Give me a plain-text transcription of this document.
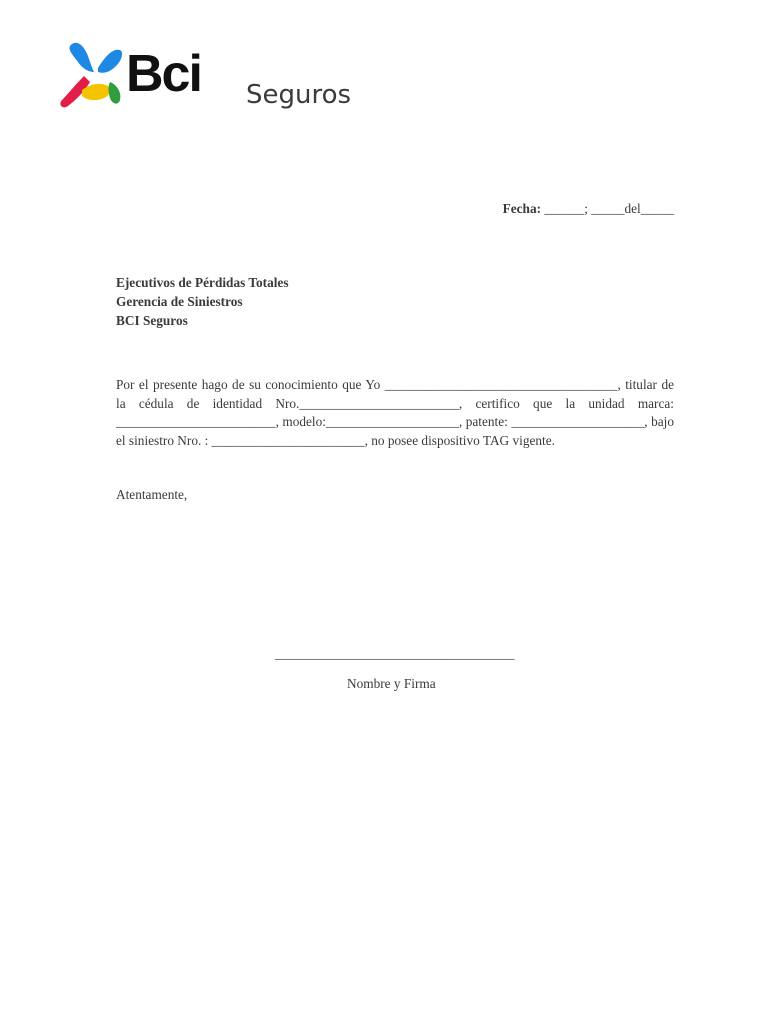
Bci Seguros
Fecha: ______; _____del_____
Ejecutivos de Pérdidas Totales
Gerencia de Siniestros
BCI Seguros
Por el presente hago de su conocimiento que Yo ___________________________________, titular de la cédula de identidad Nro.________________________, certifico que la unidad marca: ________________________, modelo:____________________, patente: ____________________, bajo el siniestro Nro. : _______________________, no posee dispositivo TAG vigente.
Atentamente,
____________________________________
Nombre y Firma
